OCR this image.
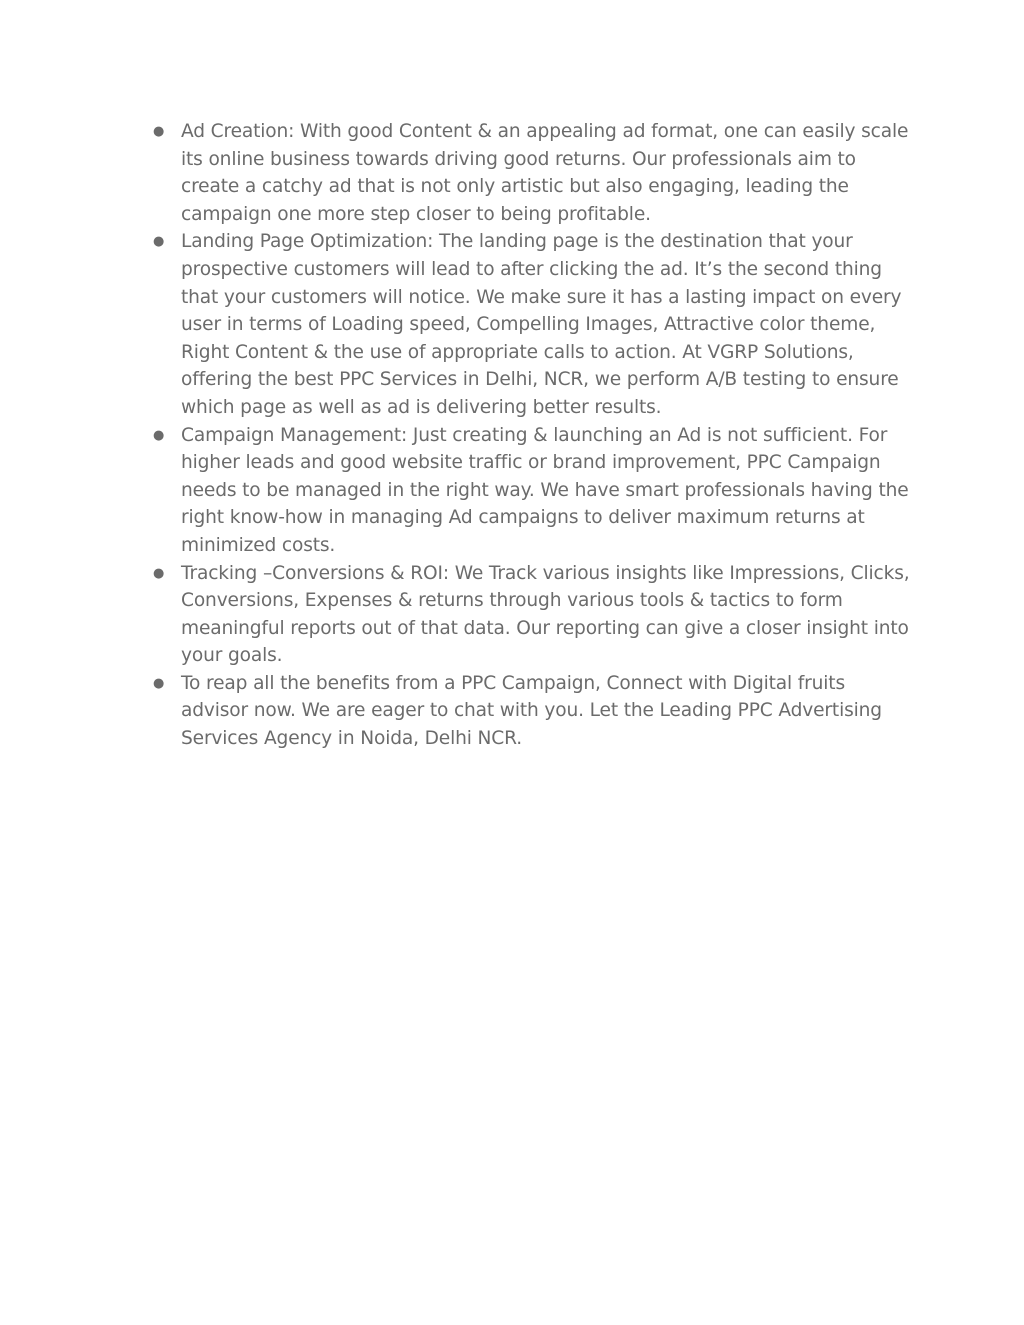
● Ad Creation: With good Content & an appealing ad format, one can easily scale its online business towards driving good returns. Our professionals aim to create a catchy ad that is not only artistic but also engaging, leading the campaign one more step closer to being profitable.
● Landing Page Optimization: The landing page is the destination that your prospective customers will lead to after clicking the ad. It’s the second thing that your customers will notice. We make sure it has a lasting impact on every user in terms of Loading speed, Compelling Images, Attractive color theme, Right Content & the use of appropriate calls to action. At VGRP Solutions, offering the best PPC Services in Delhi, NCR, we perform A/B testing to ensure which page as well as ad is delivering better results.
● Campaign Management: Just creating & launching an Ad is not sufficient. For higher leads and good website traffic or brand improvement, PPC Campaign needs to be managed in the right way. We have smart professionals having the right know-how in managing Ad campaigns to deliver maximum returns at minimized costs.
● Tracking –Conversions & ROI: We Track various insights like Impressions, Clicks, Conversions, Expenses & returns through various tools & tactics to form meaningful reports out of that data. Our reporting can give a closer insight into your goals.
● To reap all the benefits from a PPC Campaign, Connect with Digital fruits advisor now. We are eager to chat with you. Let the Leading PPC Advertising Services Agency in Noida, Delhi NCR.
